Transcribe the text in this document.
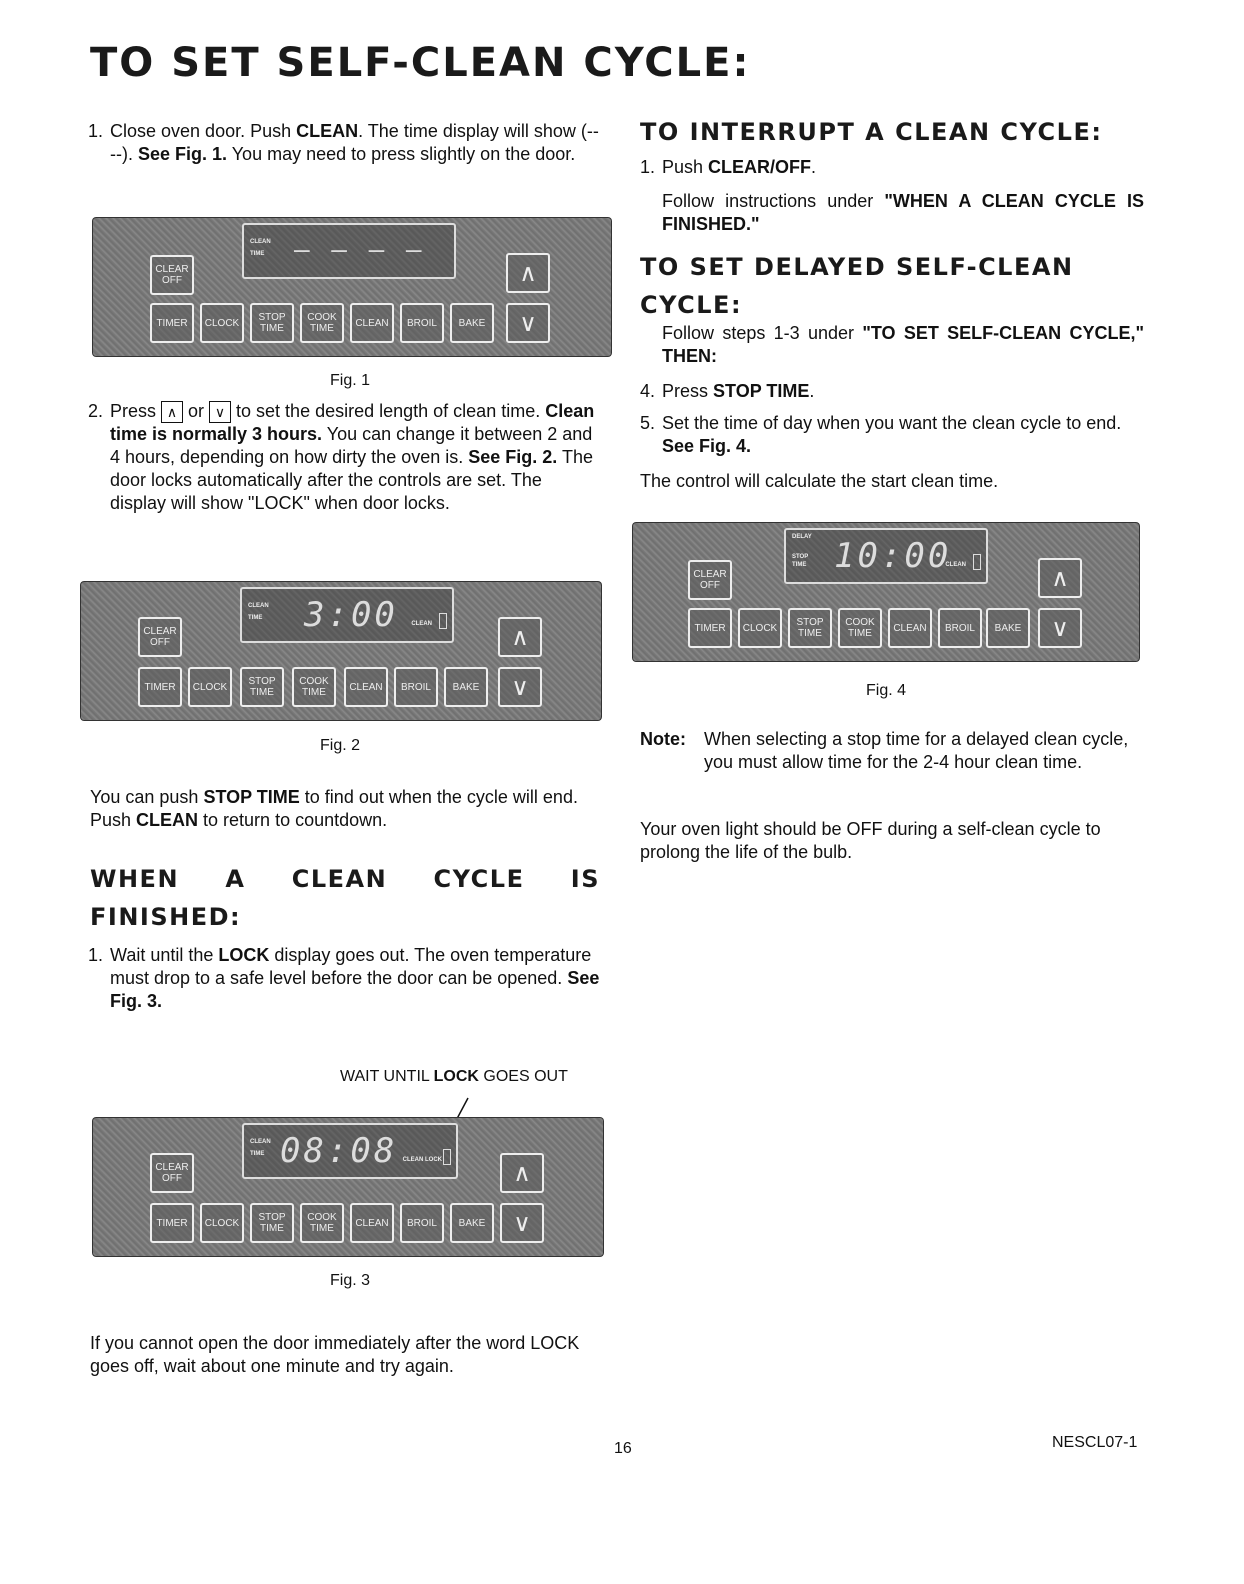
TO SET SELF-CLEAN CYCLE:
1. Close oven door. Push CLEAN. The time display will show (----). See Fig. 1. You may need to press slightly on the door.
CLEAN
TIME – – – –
CLEAR OFF	∧
TIMER	CLOCK	STOP TIME
COOK TIME	CLEAN	BROIL	BAKE	∨
Fig. 1
2. Press ∧ or ∨ to set the desired length of clean time. Clean time is normally 3 hours. You can change it between 2 and 4 hours, depending on how dirty the oven is. See Fig. 2. The door locks automatically after the controls are set. The display will show "LOCK" when door locks.
CLEAN
TIME 3:00 CLEAN
CLEAR OFF	∧
TIMER	CLOCK	STOP TIME
COOK TIME	CLEAN	BROIL	BAKE	∨
Fig. 2
You can push STOP TIME to find out when the cycle will end. Push CLEAN to return to countdown.
WHEN A CLEAN CYCLE IS FINISHED:
1. Wait until the LOCK display goes out. The oven temperature must drop to a safe level before the door can be opened. See Fig. 3.
WAIT UNTIL LOCK GOES OUT
CLEAN
TIME 08:08 CLEAN LOCK
CLEAR OFF	∧
TIMER	CLOCK	STOP TIME
COOK TIME	CLEAN	BROIL	BAKE	∨
Fig. 3
If you cannot open the door immediately after the word LOCK goes off, wait about one minute and try again.
TO INTERRUPT A CLEAN CYCLE:
1. Push CLEAR/OFF.
Follow instructions under "WHEN A CLEAN CYCLE IS FINISHED."
TO SET DELAYED SELF-CLEAN CYCLE:
Follow steps 1-3 under "TO SET SELF-CLEAN CYCLE," THEN:
4. Press STOP TIME.
5. Set the time of day when you want the clean cycle to end. See Fig. 4.
The control will calculate the start clean time.
DELAY
STOP
TIME 10:00
CLEAN
CLEAR OFF	∧
TIMER	CLOCK	STOP TIME
COOK TIME	CLEAN	BROIL	BAKE	∨
Fig. 4
Note:	When selecting a stop time for a delayed clean cycle, you must allow time for the 2-4 hour clean time.
Your oven light should be OFF during a self-clean cycle to prolong the life of the bulb.
16	NESCL07-1
